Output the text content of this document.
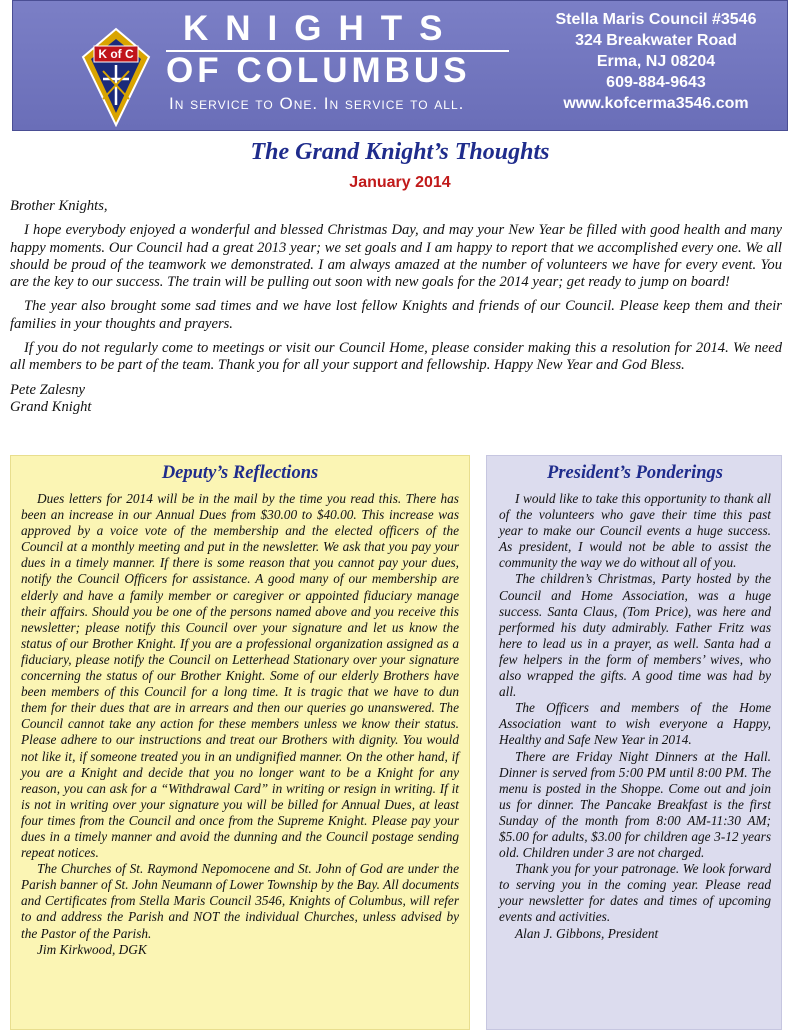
K of C
KNIGHTS
OF COLUMBUS
In service to One. In service to all.
Stella Maris Council #3546
324 Breakwater Road
Erma, NJ 08204
609-884-9643
www.kofcerma3546.com
The Grand Knight’s Thoughts
January 2014

Brother Knights,

I hope everybody enjoyed a wonderful and blessed Christmas Day, and may your New Year be filled with good health and many happy moments. Our Council had a great 2013 year; we set goals and I am happy to report that we accomplished every one. We all should be proud of the teamwork we demonstrated. I am always amazed at the number of volunteers we have for every event. You are the key to our success. The train will be pulling out soon with new goals for the 2014 year; get ready to jump on board!

The year also brought some sad times and we have lost fellow Knights and friends of our Council. Please keep them and their families in your thoughts and prayers.

If you do not regularly come to meetings or visit our Council Home, please consider making this a resolution for 2014. We need all members to be part of the team. Thank you for all your support and fellowship. Happy New Year and God Bless.

Pete Zalesny
Grand Knight
Deputy’s Reflections

Dues letters for 2014 will be in the mail by the time you read this. There has been an increase in our Annual Dues from $30.00 to $40.00. This increase was approved by a voice vote of the membership and the elected officers of the Council at a monthly meeting and put in the newsletter. We ask that you pay your dues in a timely manner. If there is some reason that you cannot pay your dues, notify the Council Officers for assistance. A good many of our membership are elderly and have a family member or caregiver or appointed fiduciary manage their affairs. Should you be one of the persons named above and you receive this newsletter; please notify this Council over your signature and let us know the status of our Brother Knight. If you are a professional organization assigned as a fiduciary, please notify the Council on Letterhead Stationary over your signature concerning the status of our Brother Knight. Some of our elderly Brothers have been members of this Council for a long time. It is tragic that we have to dun them for their dues that are in arrears and then our queries go unanswered. The Council cannot take any action for these members unless we know their status. Please adhere to our instructions and treat our Brothers with dignity. You would not like it, if someone treated you in an undignified manner. On the other hand, if you are a Knight and decide that you no longer want to be a Knight for any reason, you can ask for a “Withdrawal Card” in writing or resign in writing. If it is not in writing over your signature you will be billed for Annual Dues, at least four times from the Council and once from the Supreme Knight. Please pay your dues in a timely manner and avoid the dunning and the Council postage sending repeat notices.

The Churches of St. Raymond Nepomocene and St. John of God are under the Parish banner of St. John Neumann of Lower Township by the Bay. All documents and Certificates from Stella Maris Council 3546, Knights of Columbus, will refer to and address the Parish and NOT the individual Churches, unless advised by the Pastor of the Parish.

Jim Kirkwood, DGK

President’s Ponderings

I would like to take this opportunity to thank all of the volunteers who gave their time this past year to make our Council events a huge success. As president, I would not be able to assist the community the way we do without all of you.

The children’s Christmas, Party hosted by the Council and Home Association, was a huge success. Santa Claus, (Tom Price), was here and performed his duty admirably. Father Fritz was here to lead us in a prayer, as well. Santa had a few helpers in the form of members’ wives, who also wrapped the gifts. A good time was had by all.

The Officers and members of the Home Association want to wish everyone a Happy, Healthy and Safe New Year in 2014.

There are Friday Night Dinners at the Hall. Dinner is served from 5:00 PM until 8:00 PM. The menu is posted in the Shoppe. Come out and join us for dinner. The Pancake Breakfast is the first Sunday of the month from 8:00 AM-11:30 AM; $5.00 for adults, $3.00 for children age 3-12 years old. Children under 3 are not charged.

Thank you for your patronage. We look forward to serving you in the coming year. Please read your newsletter for dates and times of upcoming events and activities.

Alan J. Gibbons, President
